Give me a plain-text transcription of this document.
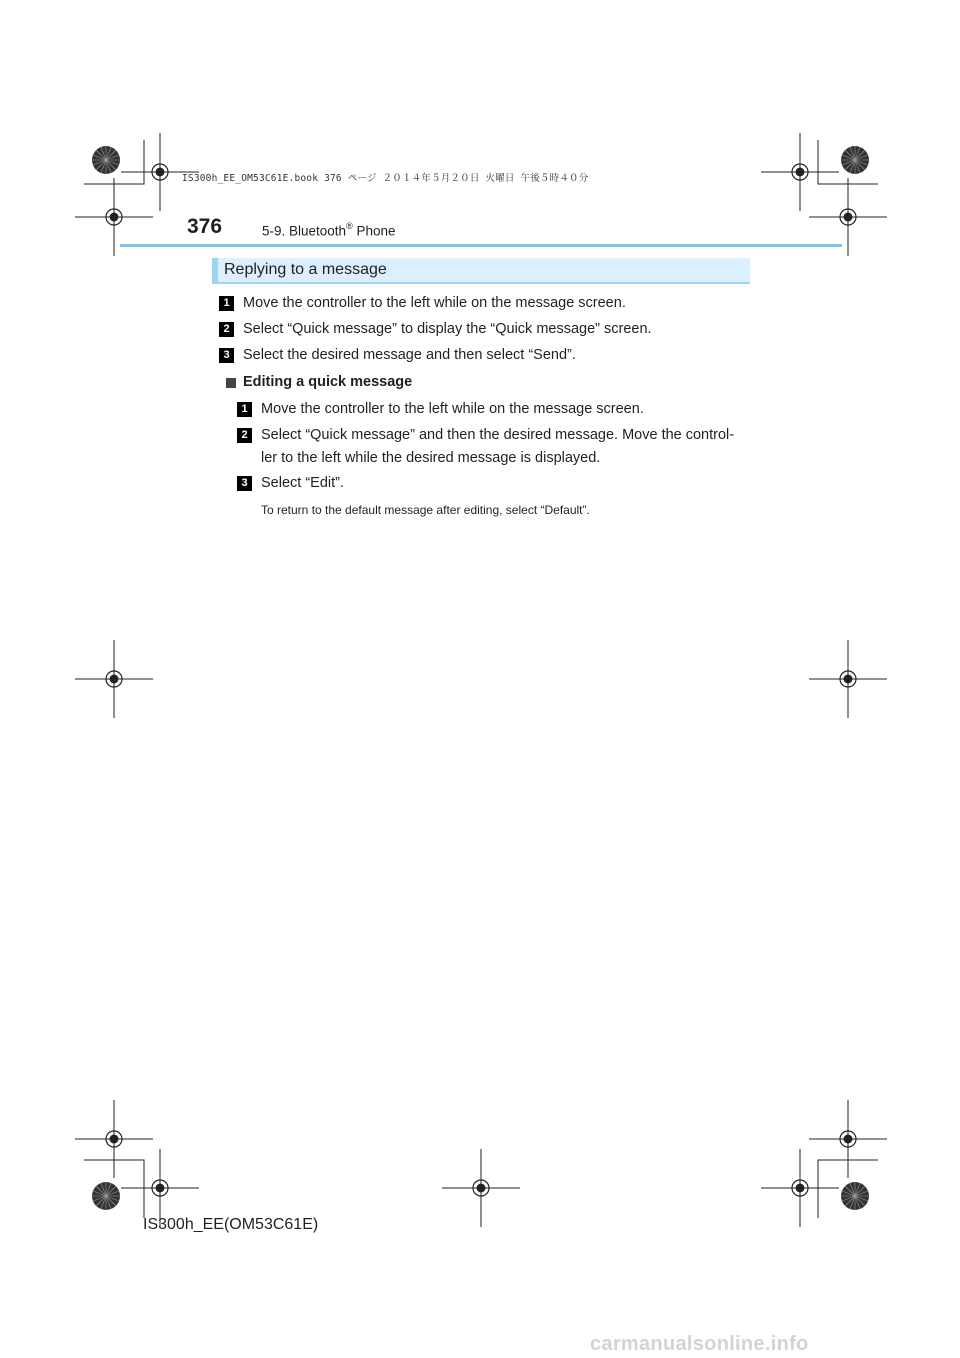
IS300h_EE_OM53C61E.book 376 ページ ２０１４年５月２０日 火曜日 午後５時４０分
376	5-9. Bluetooth® Phone
Replying to a message
1 Move the controller to the left while on the message screen.
2 Select “Quick message” to display the “Quick message” screen.
3 Select the desired message and then select “Send”.
Editing a quick message
1 Move the controller to the left while on the message screen.
2 Select “Quick message” and then the desired message. Move the control-
ler to the left while the desired message is displayed.
3 Select “Edit”.
To return to the default message after editing, select “Default”.
IS300h_EE(OM53C61E)
carmanualsonline.info
